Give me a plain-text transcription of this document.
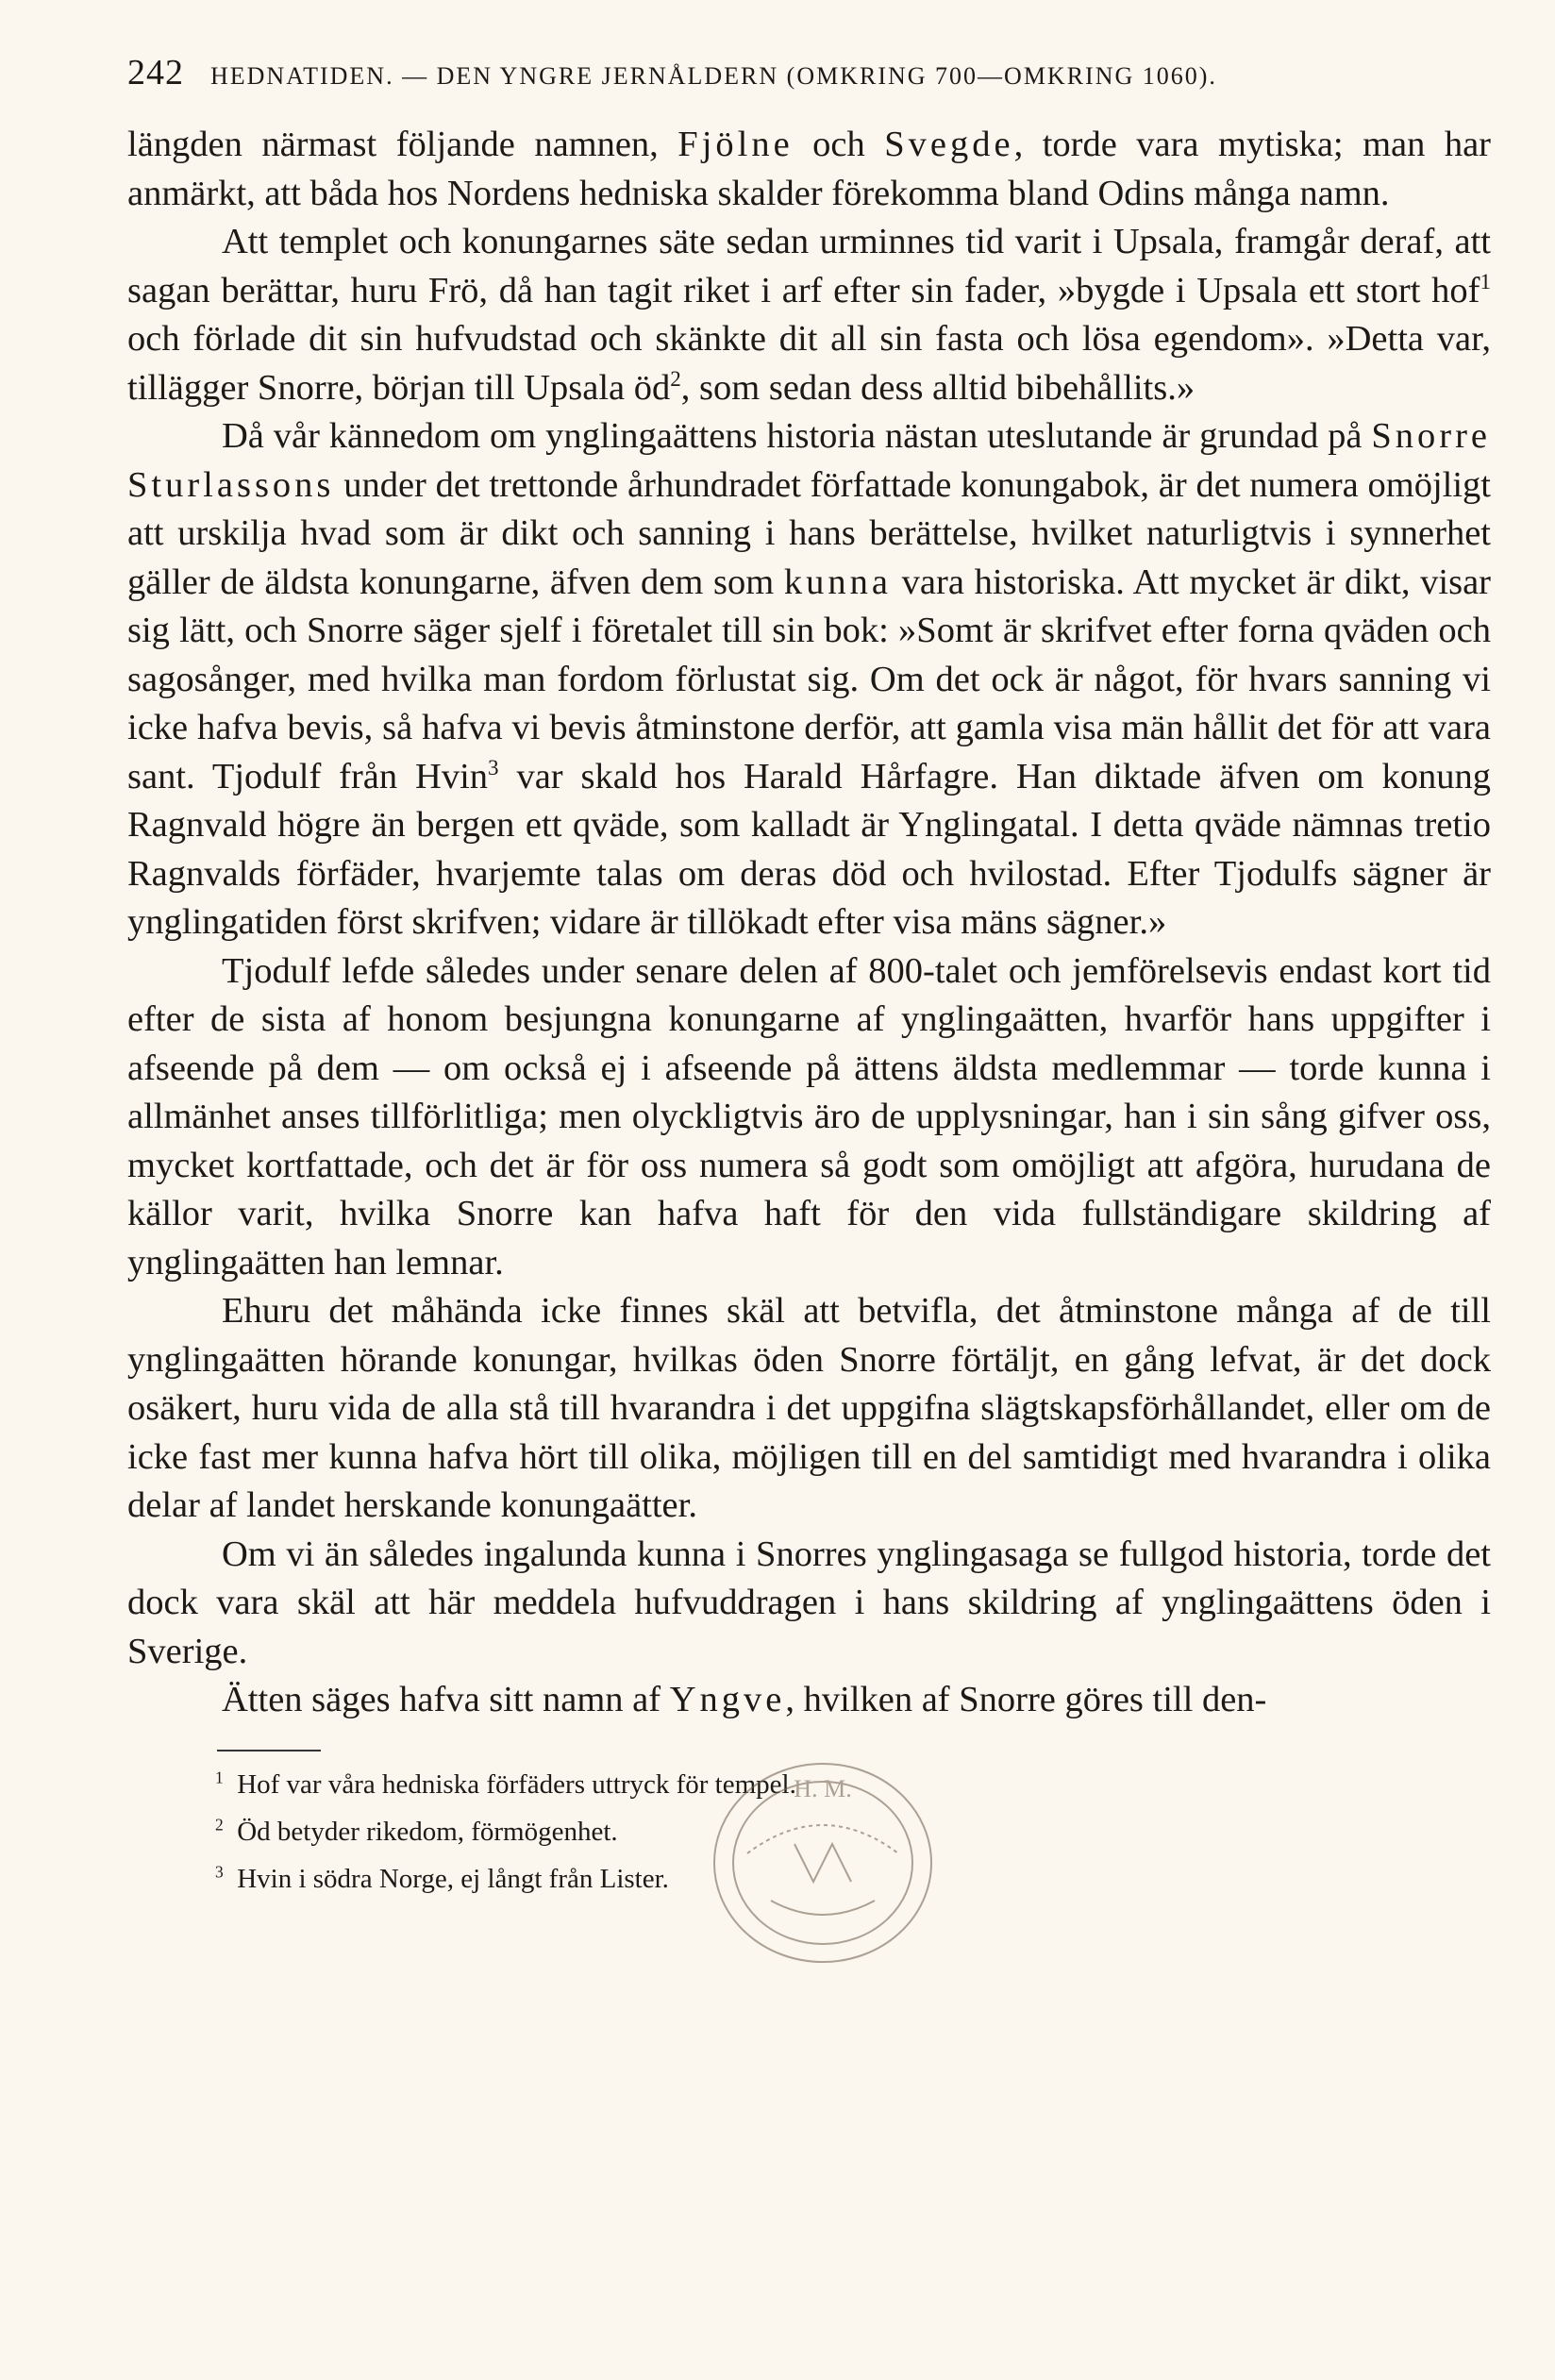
242 HEDNATIDEN. — DEN YNGRE JERNÅLDERN (OMKRING 700—OMKRING 1060).

längden närmast följande namnen, Fjölne och Svegde, torde vara mytiska; man har anmärkt, att båda hos Nordens hedniska skalder förekomma bland Odins många namn.

Att templet och konungarnes säte sedan urminnes tid varit i Upsala, framgår deraf, att sagan berättar, huru Frö, då han tagit riket i arf efter sin fader, »bygde i Upsala ett stort hof$^1$ och förlade dit sin hufvudstad och skänkte dit all sin fasta och lösa egendom». »Detta var, tillägger Snorre, början till Upsala $öd^2$, som sedan dess alltid bibehållits.»

Då vår kännedom om ynglingaättens historia nästan uteslutande är grundad på Snorre Sturlassons under det trettonde århundradet författade konungabok, är det numera omöjligt att urskilja hvad som är dikt och sanning i hans berättelse, hvilket naturligtvis i synnerhet gäller de äldsta konungarne, äfven dem som kunna vara historiska. Att mycket är dikt, visar sig lätt, och Snorre säger sjelf i företalet till sin bok: »Somt är skrifvet efter forna qväden och sagosånger, med hvilka man fordom förlustat sig. Om det ock är något, för hvars sanning vi icke hafva bevis, så hafva vi bevis åtminstone derför, att gamla visa män hållit det för att vara sant. Tjodulf från Hvin$^3$ var skald hos Harald Hårfagre. Han diktade äfven om konung Ragnvald högre än bergen ett qväde, som kalladt är Ynglingatal. I detta qväde nämnas tretio Ragnvalds förfäder, hvarjemte talas om deras död och hvilostad. Efter Tjodulfs sägner är ynglingatiden först skrifven; vidare är tillökadt efter visa mäns sägner.»

Tjodulf lefde således under senare delen af 800-talet och jemförelsevis endast kort tid efter de sista af honom besjungna konungarne af ynglingaätten, hvarför hans uppgifter i afseende på dem — om också ej i afseende på ättens äldsta medlemmar — torde kunna i allmänhet anses tillförlitliga; men olyckligtvis äro de upplysningar, han i sin sång gifver oss, mycket kortfattade, och det är för oss numera så godt som omöjligt att afgöra, hurudana de källor varit, hvilka Snorre kan hafva haft för den vida fullständigare skildring af ynglingaätten han lemnar.

Ehuru det måhända icke finnes skäl att betvifla, det åtminstone många af de till ynglingaätten hörande konungar, hvilkas öden Snorre förtäljt, en gång lefvat, är det dock osäkert, huru vida de alla stå till hvarandra i det uppgifna slägtskapsförhållandet, eller om de icke fast mer kunna hafva hört till olika, möjligen till en del samtidigt med hvarandra i olika delar af landet herskande konungaätter.

Om vi än således ingalunda kunna i Snorres ynglingasaga se fullgod historia, torde det dock vara skäl att här meddela hufvuddragen i hans skildring af ynglingaättens öden i Sverige.

Ätten säges hafva sitt namn af Yngve, hvilken af Snorre göres till den-

$^1$  Hof var våra hedniska förfäders uttryck för tempel.
$^2$  Öd betyder rikedom, förmögenhet.
$^3$  Hvin i södra Norge, ej långt från Lister.
H. M.
